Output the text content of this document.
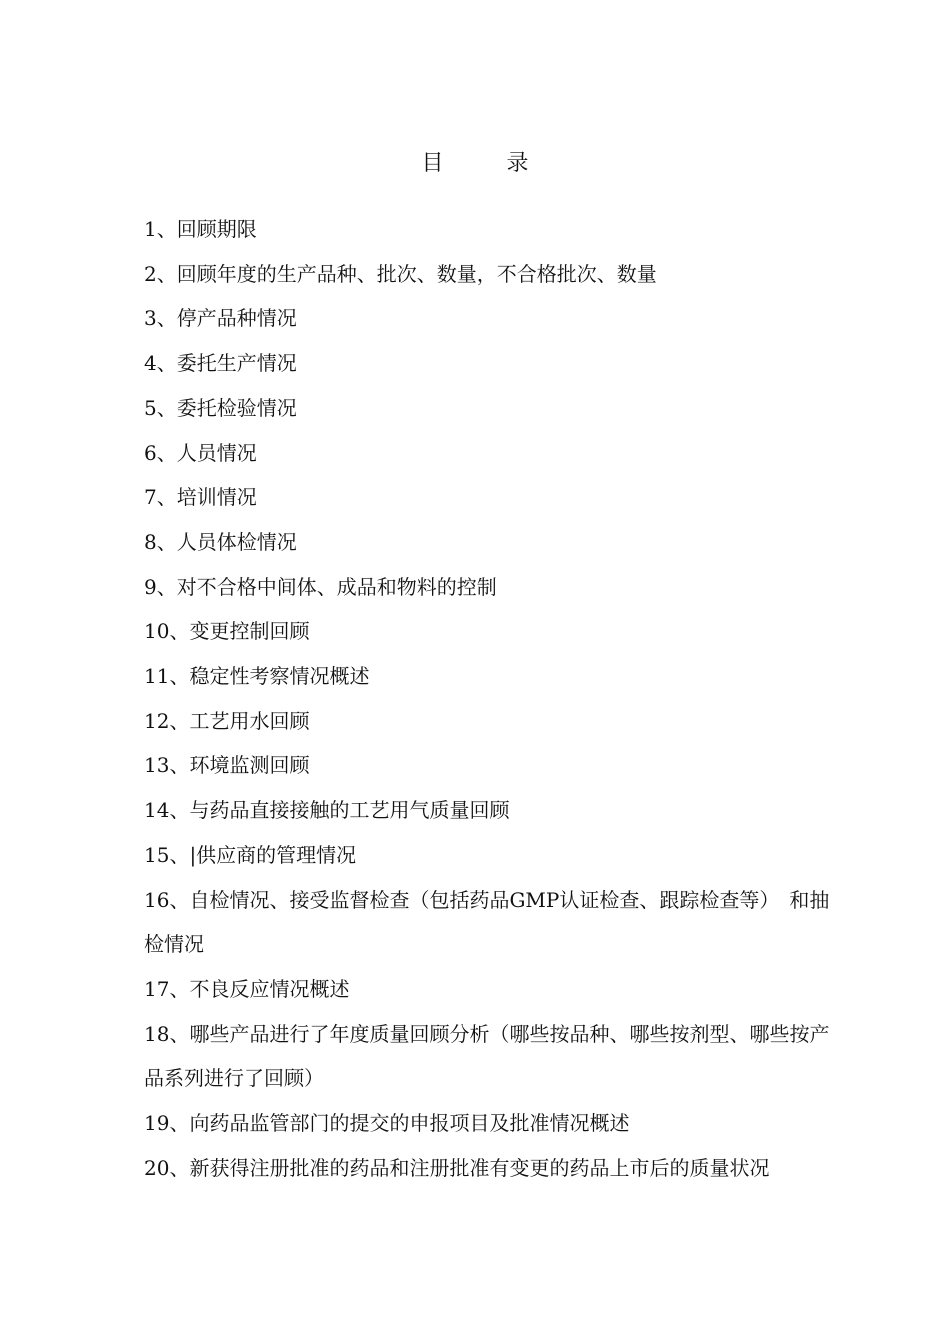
目 录
1、回顾期限
2、回顾年度的生产品种、批次、数量，不合格批次、数量
3、停产品种情况
4、委托生产情况
5、委托检验情况
6、人员情况
7、培训情况
8、人员体检情况
9、对不合格中间体、成品和物料的控制
10、变更控制回顾
11、稳定性考察情况概述
12、工艺用水回顾
13、环境监测回顾
14、与药品直接接触的工艺用气质量回顾
15、|供应商的管理情况
16、自检情况、接受监督检查（包括药品GMP认证检查、跟踪检查等）　和抽检情况
17、不良反应情况概述
18、哪些产品进行了年度质量回顾分析（哪些按品种、哪些按剂型、哪些按产品系列进行了回顾）
19、向药品监管部门的提交的申报项目及批准情况概述
20、新获得注册批准的药品和注册批准有变更的药品上市后的质量状况
